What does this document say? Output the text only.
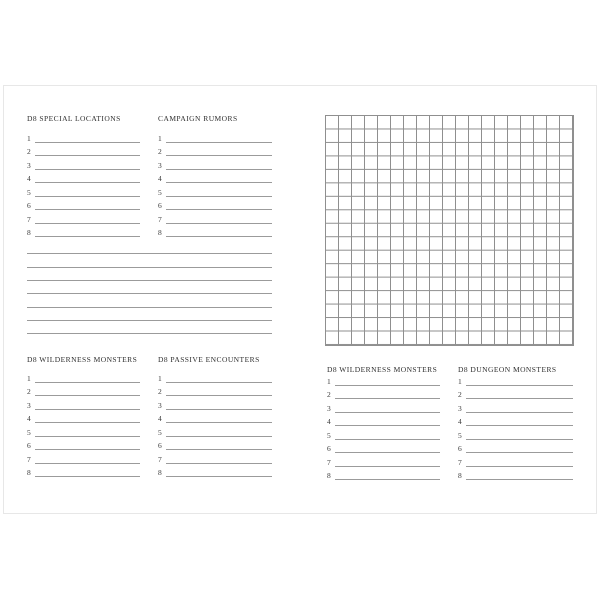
D8 SPECIAL LOCATIONS
1
2
3
4
5
6
7
8
CAMPAIGN RUMORS
1
2
3
4
5
6
7
8
D8 WILDERNESS MONSTERS
1
2
3
4
5
6
7
8
D8 PASSIVE ENCOUNTERS
1
2
3
4
5
6
7
8
D8 WILDERNESS MONSTERS
1
2
3
4
5
6
7
8
D8 DUNGEON MONSTERS
1
2
3
4
5
6
7
8
